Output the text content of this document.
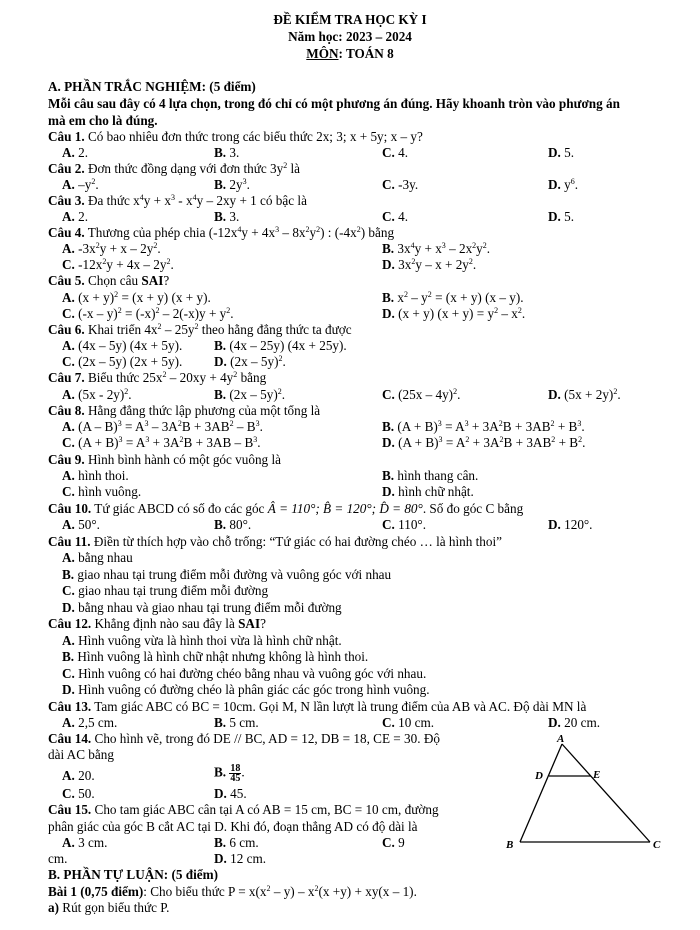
ĐỀ KIỂM TRA HỌC KỲ I
Năm học: 2023 – 2024
MÔN: TOÁN 8
A. PHẦN TRẮC NGHIỆM: (5 điểm)
Mỗi câu sau đây có 4 lựa chọn, trong đó chỉ có một phương án đúng. Hãy khoanh tròn vào phương án
mà em cho là đúng.
Câu 1. Có bao nhiêu đơn thức trong các biểu thức 2x; 3; x + 5y; x – y?
A. 2.	B. 3.	C. 4.	D. 5.
Câu 2. Đơn thức đồng dạng với đơn thức $3y^2$ là
A. $-y^2$.	B. $2y^3$.	C. -3y.	D. $y^6$.
Câu 3. Đa thức $x^4y + x^3 - x^4y - 2xy + 1$ có bậc là
A. 2.	B. 3.	C. 4.	D. 5.
Câu 4. Thương của phép chia $(-12x^4y + 4x^3 - 8x^2y^2)$ : $(-4x^2)$ bằng
A. $-3x^2y + x - 2y^2$.	B. $3x^4y + x^3 - 2x^2y^2$.
C. $-12x^2y + 4x - 2y^2$.	D. $3x^2y - x + 2y^2$.
Câu 5. Chọn câu SAI?
A. $(x + y)^2 = (x + y)$ (x + y).	B. $x^2 - y^2 = (x + y)$ (x – y).
C. $(-x - y)^2 = (-x)^2 - 2(-x)y + y^2$.	D. (x + y) $(x + y) = y^2 - x^2$.
Câu 6. Khai triển $4x^2 - 25y^2$ theo hằng đẳng thức ta được
A. (4x – 5y) (4x + 5y). B. (4x – 25y) (4x + 25y).
C. (2x – 5y) (2x + 5y). D. (2x – 5y)$^2$.
Câu 7. Biểu thức $25x^2 - 20xy + 4y^2$ bằng
A. (5x - 2y)$^2$.	B. (2x – 5y)$^2$.	C. (25x – 4y)$^2$.	D. $(5x + 2y)^2$.
Câu 8. Hằng đẳng thức lập phương của một tổng là
A. $(A - B)^3 = A^3 - 3A^2B + 3AB^2 - B^3$.	B. $(A + B)^3 = A^3 + 3A^2B + 3AB^2 + B^3$.
C. $(A + B)^3 = A^3 + 3A^2B + 3AB - B^3$.	D. $(A + B)^3 = A^2 + 3A^2B + 3AB^2 + B^2$.
Câu 9. Hình bình hành có một góc vuông là
A. hình thoi.	B. hình thang cân.
C. hình vuông.	D. hình chữ nhật.
Câu 10. Tứ giác ABCD có số đo các góc Â = 110°; B̂ = 120°; D̂ = 80°. Số đo góc C bằng
A. 50°.	B. 80°.	C. 110°.	D. 120°.
Câu 11. Điền từ thích hợp vào chỗ trống: “Tứ giác có hai đường chéo … là hình thoi”
A. bằng nhau
B. giao nhau tại trung điểm mỗi đường và vuông góc với nhau
C. giao nhau tại trung điểm mỗi đường
D. bằng nhau và giao nhau tại trung điểm mỗi đường
Câu 12. Khẳng định nào sau đây là SAI?
A. Hình vuông vừa là hình thoi vừa là hình chữ nhật.
B. Hình vuông là hình chữ nhật nhưng không là hình thoi.
C. Hình vuông có hai đường chéo bằng nhau và vuông góc với nhau.
D. Hình vuông có đường chéo là phân giác các góc trong hình vuông.
Câu 13. Tam giác ABC có BC = 10cm. Gọi M, N lần lượt là trung điểm của AB và AC. Độ dài MN là
A. 2,5 cm.	B. 5 cm.	C. 10 cm.	D. 20 cm.
Câu 14. Cho hình vẽ, trong đó DE // BC, AD = 12, DB = 18, CE = 30. Độ
dài AC bằng
A. 20.	B. $\frac{18}{45}$ .
C. 50.	D. 45.
Câu 15. Cho tam giác ABC cân tại A có AB = 15 cm, BC = 10 cm, đường
phân giác của góc B cắt AC tại D. Khi đó, đoạn thẳng AD có độ dài là
A. 3 cm.	B. 6 cm.	C. 9
cm.	D. 12 cm.
B. PHẦN TỰ LUẬN: (5 điểm)
Bài 1 (0,75 điểm): Cho biểu thức $P = x(x^2 - y) - x^2(x +y) + xy(x - 1)$.
a) Rút gọn biểu thức P.
A
B	C
D	E
